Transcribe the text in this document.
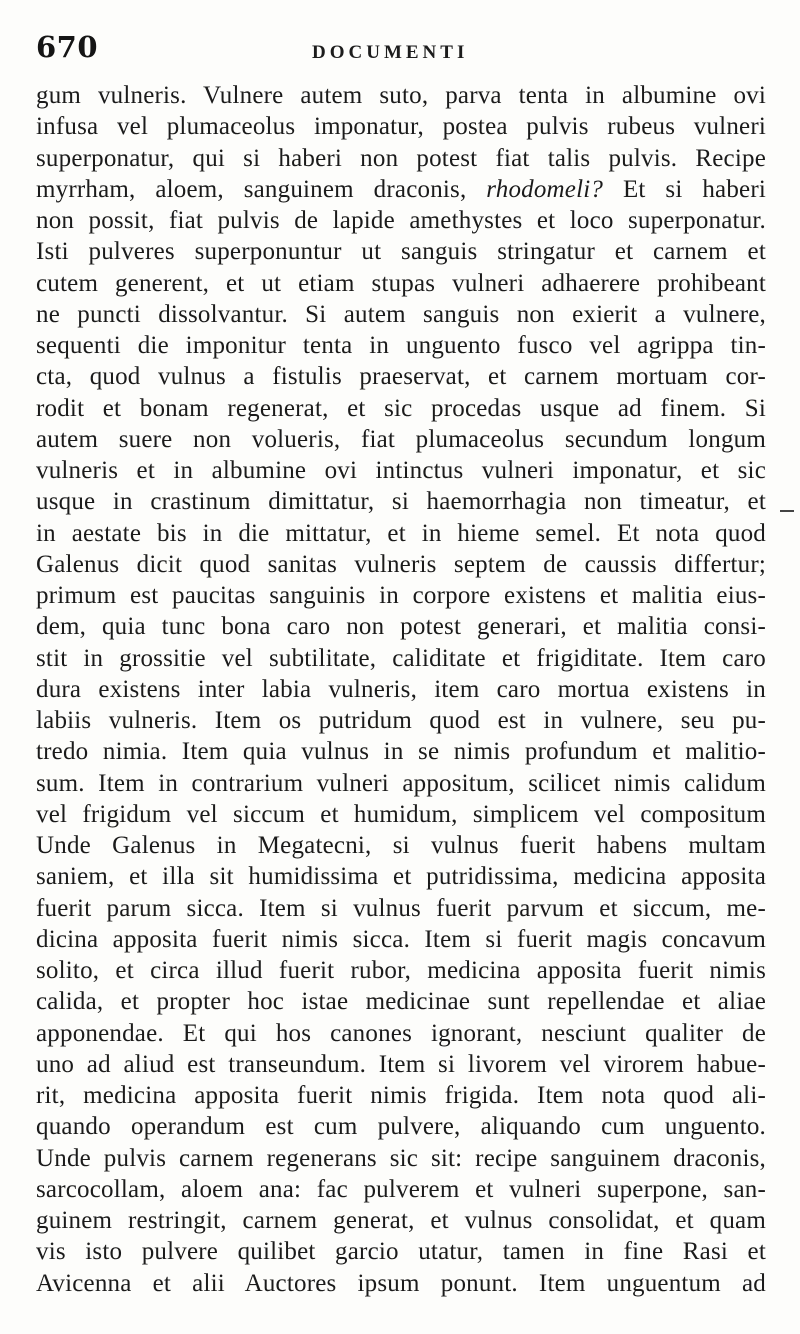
670	DOCUMENTI
gum vulneris. Vulnere autem suto, parva tenta in albumine ovi
infusa vel plumaceolus imponatur, postea pulvis rubeus vulneri
superponatur, qui si haberi non potest fiat talis pulvis. Recipe
myrrham, aloem, sanguinem draconis, rhodomeli? Et si haberi
non possit, fiat pulvis de lapide amethystes et loco superponatur.
Isti pulveres superponuntur ut sanguis stringatur et carnem et
cutem generent, et ut etiam stupas vulneri adhaerere prohibeant
ne puncti dissolvantur. Si autem sanguis non exierit a vulnere,
sequenti die imponitur tenta in unguento fusco vel agrippa tin-
cta, quod vulnus a fistulis praeservat, et carnem mortuam cor-
rodit et bonam regenerat, et sic procedas usque ad finem. Si
autem suere non volueris, fiat plumaceolus secundum longum
vulneris et in albumine ovi intinctus vulneri imponatur, et sic
usque in crastinum dimittatur, si haemorrhagia non timeatur, et
in aestate bis in die mittatur, et in hieme semel. Et nota quod
Galenus dicit quod sanitas vulneris septem de caussis differtur;
primum est paucitas sanguinis in corpore existens et malitia eius-
dem, quia tunc bona caro non potest generari, et malitia consi-
stit in grossitie vel subtilitate, caliditate et frigiditate. Item caro
dura existens inter labia vulneris, item caro mortua existens in
labiis vulneris. Item os putridum quod est in vulnere, seu pu-
tredo nimia. Item quia vulnus in se nimis profundum et malitio-
sum. Item in contrarium vulneri appositum, scilicet nimis calidum
vel frigidum vel siccum et humidum, simplicem vel compositum
Unde Galenus in Megatecni, si vulnus fuerit habens multam
saniem, et illa sit humidissima et putridissima, medicina apposita
fuerit parum sicca. Item si vulnus fuerit parvum et siccum, me-
dicina apposita fuerit nimis sicca. Item si fuerit magis concavum
solito, et circa illud fuerit rubor, medicina apposita fuerit nimis
calida, et propter hoc istae medicinae sunt repellendae et aliae
apponendae. Et qui hos canones ignorant, nesciunt qualiter de
uno ad aliud est transeundum. Item si livorem vel virorem habue-
rit, medicina apposita fuerit nimis frigida. Item nota quod ali-
quando operandum est cum pulvere, aliquando cum unguento.
Unde pulvis carnem regenerans sic sit: recipe sanguinem draconis,
sarcocollam, aloem ana: fac pulverem et vulneri superpone, san-
guinem restringit, carnem generat, et vulnus consolidat, et quam
vis isto pulvere quilibet garcio utatur, tamen in fine Rasi et
Avicenna et alii Auctores ipsum ponunt. Item unguentum ad
